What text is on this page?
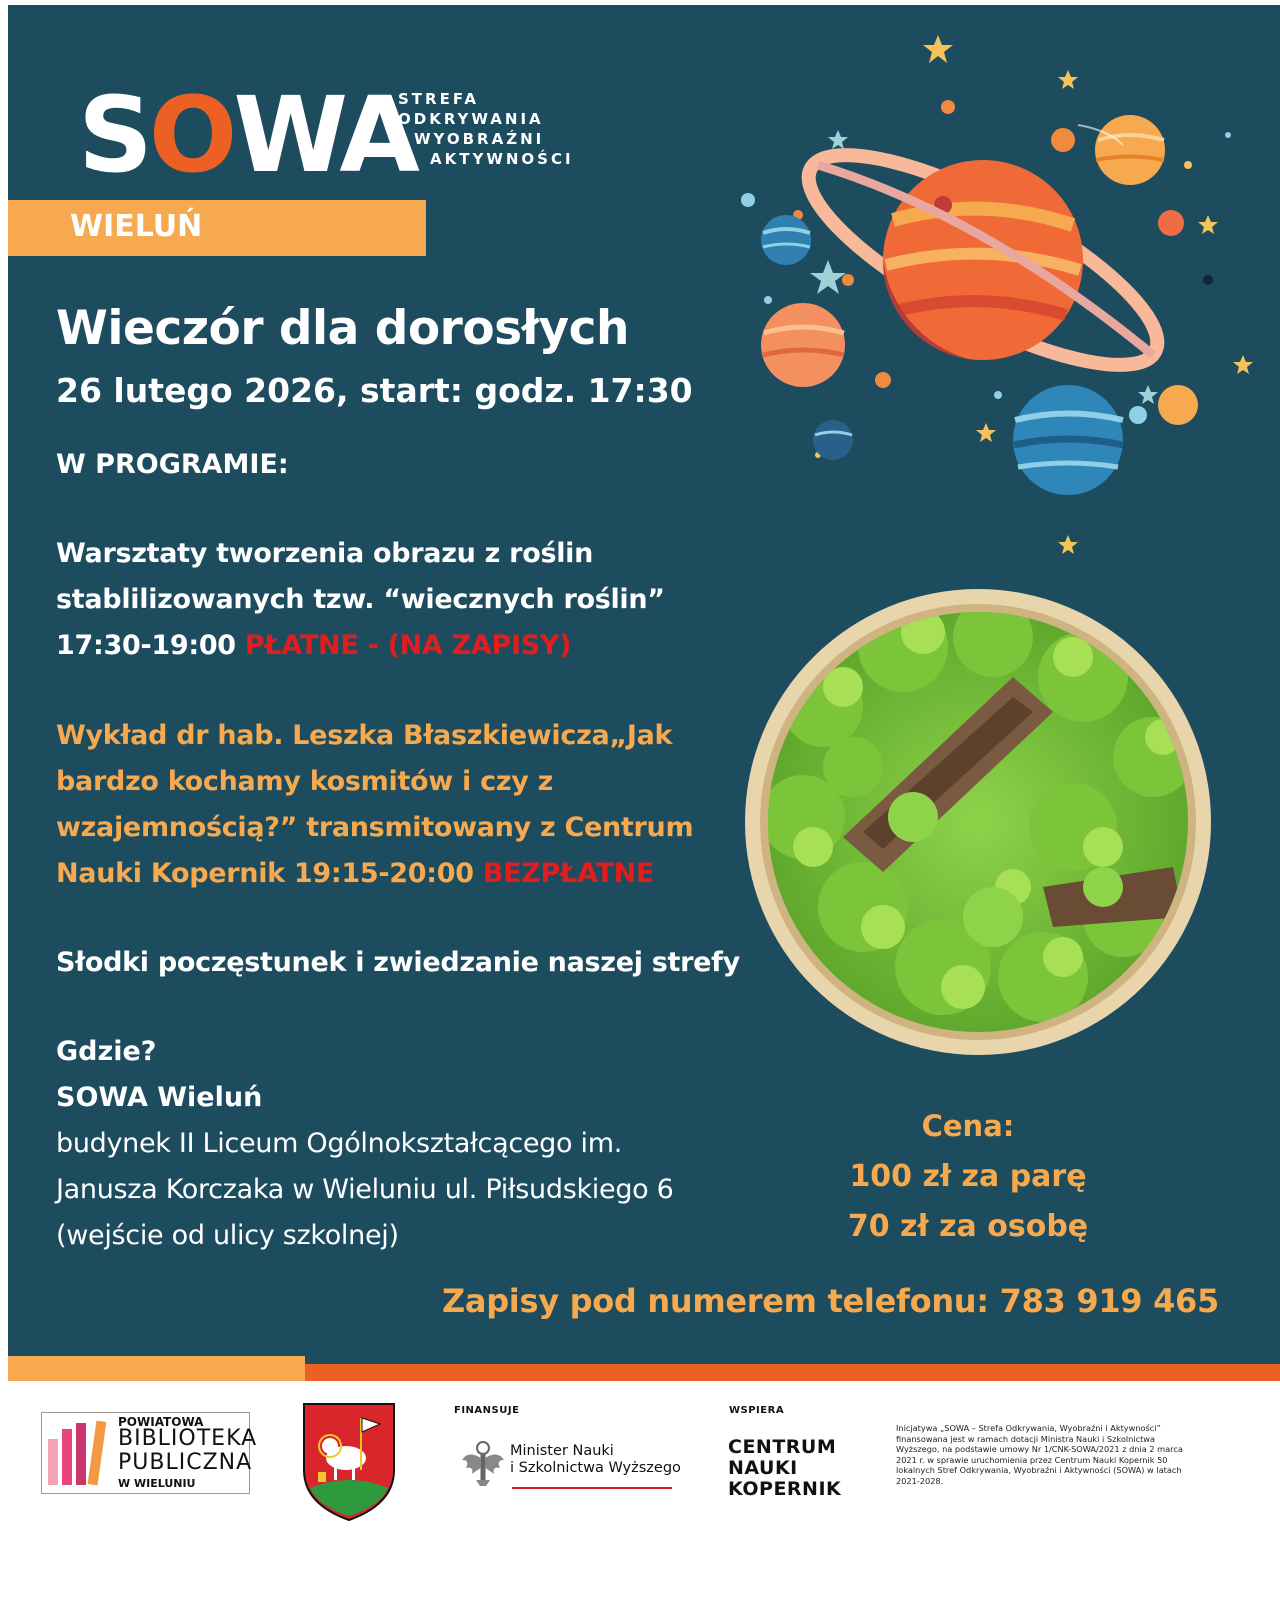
SOWA
STREFA
ODKRYWANIA
WYOBRAŹNI
AKTYWNOŚCI
WIELUŃ
Wieczór dla dorosłych
26 lutego 2026, start: godz. 17:30
W PROGRAMIE:
Warsztaty tworzenia obrazu z roślin
stablilizowanych tzw. “wiecznych roślin”
17:30-19:00 PŁATNE - (NA ZAPISY)
Wykład dr hab. Leszka Błaszkiewicza„Jak
bardzo kochamy kosmitów i czy z
wzajemnością?” transmitowany z Centrum
Nauki Kopernik 19:15-20:00 BEZPŁATNE
Słodki poczęstunek i zwiedzanie naszej strefy
Gdzie?
SOWA Wieluń
budynek II Liceum Ogólnokształcącego im.
Janusza Korczaka w Wieluniu ul. Piłsudskiego 6
(wejście od ulicy szkolnej)
Cena:
100 zł za parę
70 zł za osobę
Zapisy pod numerem telefonu: 783 919 465
POWIATOWA
BIBLIOTEKA
PUBLICZNA
W WIELUNIU
FINANSUJE
Minister Nauki
i Szkolnictwa Wyższego
WSPIERA
CENTRUM
NAUKI
KOPERNIK
Inicjatywa „SOWA – Strefa Odkrywania, Wyobraźni i Aktywności” finansowana jest w ramach dotacji Ministra Nauki i Szkolnictwa Wyższego, na podstawie umowy Nr 1/CNK-SOWA/2021 z dnia 2 marca 2021 r. w sprawie uruchomienia przez Centrum Nauki Kopernik 50 lokalnych Stref Odkrywania, Wyobraźni i Aktywności (SOWA) w latach 2021-2028.
